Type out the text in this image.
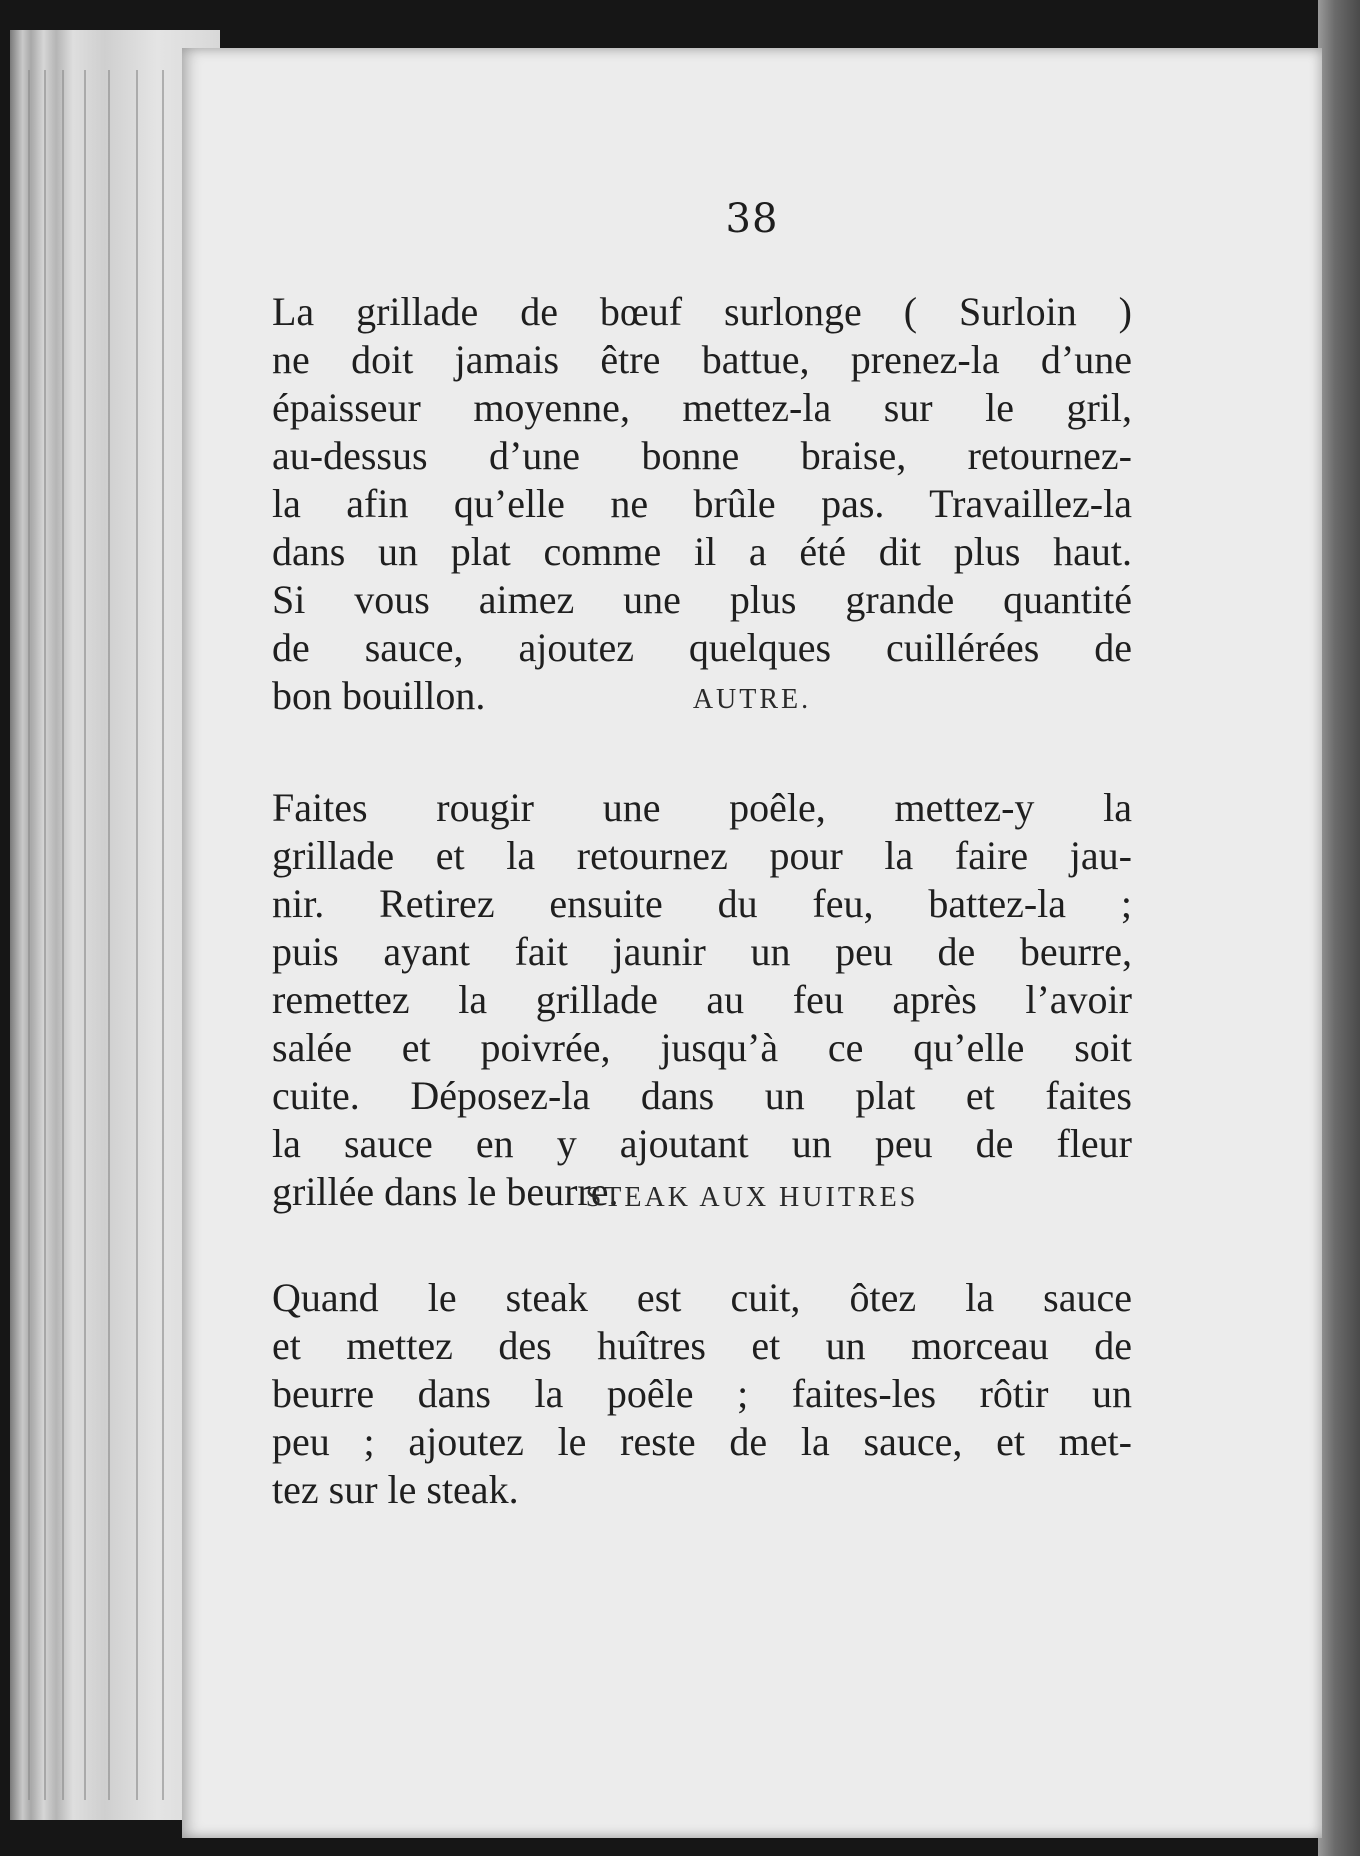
38
La grillade de bœuf surlonge ( Surloin )
ne doit jamais être battue, prenez-la d’une
épaisseur moyenne, mettez-la sur le gril,
au-dessus d’une bonne braise, retournez-
la afin qu’elle ne brûle pas. Travaillez-la
dans un plat comme il a été dit plus haut.
Si vous aimez une plus grande quantité
de sauce, ajoutez quelques cuillérées de
bon bouillon.	AUTRE.
Faites rougir une poêle, mettez-y la
grillade et la retournez pour la faire jau-
nir. Retirez ensuite du feu, battez-la ;
puis ayant fait jaunir un peu de beurre,
remettez la grillade au feu après l’avoir
salée et poivrée, jusqu’à ce qu’elle soit
cuite. Déposez-la dans un plat et faites
la sauce en y ajoutant un peu de fleur
grillée dans le beurre.
STEAK AUX HUITRES
Quand le steak est cuit, ôtez la sauce
et mettez des huîtres et un morceau de
beurre dans la poêle ; faites-les rôtir un
peu ; ajoutez le reste de la sauce, et met-
tez sur le steak.
